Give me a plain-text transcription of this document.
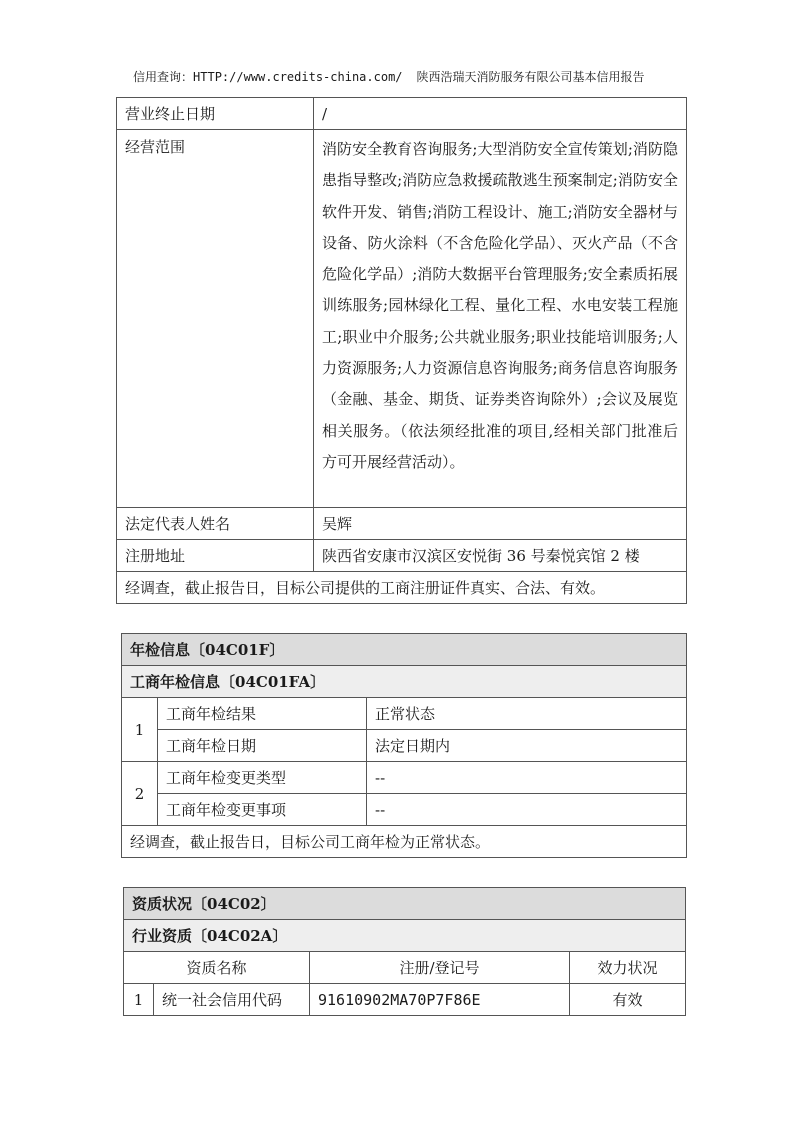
信用查询：HTTP://www.credits-china.com/ 陕西浩瑞天消防服务有限公司基本信用报告
营业终止日期	/
经营范围	消防安全教育咨询服务;大型消防安全宣传策划;消防隐患指导整改;消防应急救援疏散逃生预案制定;消防安全软件开发、销售;消防工程设计、施工;消防安全器材与设备、防火涂料（不含危险化学品）、灭火产品（不含危险化学品）;消防大数据平台管理服务;安全素质拓展训练服务;园林绿化工程、量化工程、水电安装工程施工;职业中介服务;公共就业服务;职业技能培训服务;人力资源服务;人力资源信息咨询服务;商务信息咨询服务（金融、基金、期货、证券类咨询除外）;会议及展览相关服务。（依法须经批准的项目,经相关部门批准后方可开展经营活动）。
法定代表人姓名	吴辉
注册地址	陕西省安康市汉滨区安悦街 36 号秦悦宾馆 2 楼
经调查，截止报告日，目标公司提供的工商注册证件真实、合法、有效。	
年检信息〔04C01F〕		
工商年检信息〔04C01FA〕		
1	工商年检结果	正常状态
	工商年检日期	法定日期内
2	工商年检变更类型	--
	工商年检变更事项	--
经调查，截止报告日，目标公司工商年检为正常状态。		
资质状况〔04C02〕			
行业资质〔04C02A〕			
资质名称		注册/登记号	效力状况
1	统一社会信用代码	91610902MA70P7F86E	有效
